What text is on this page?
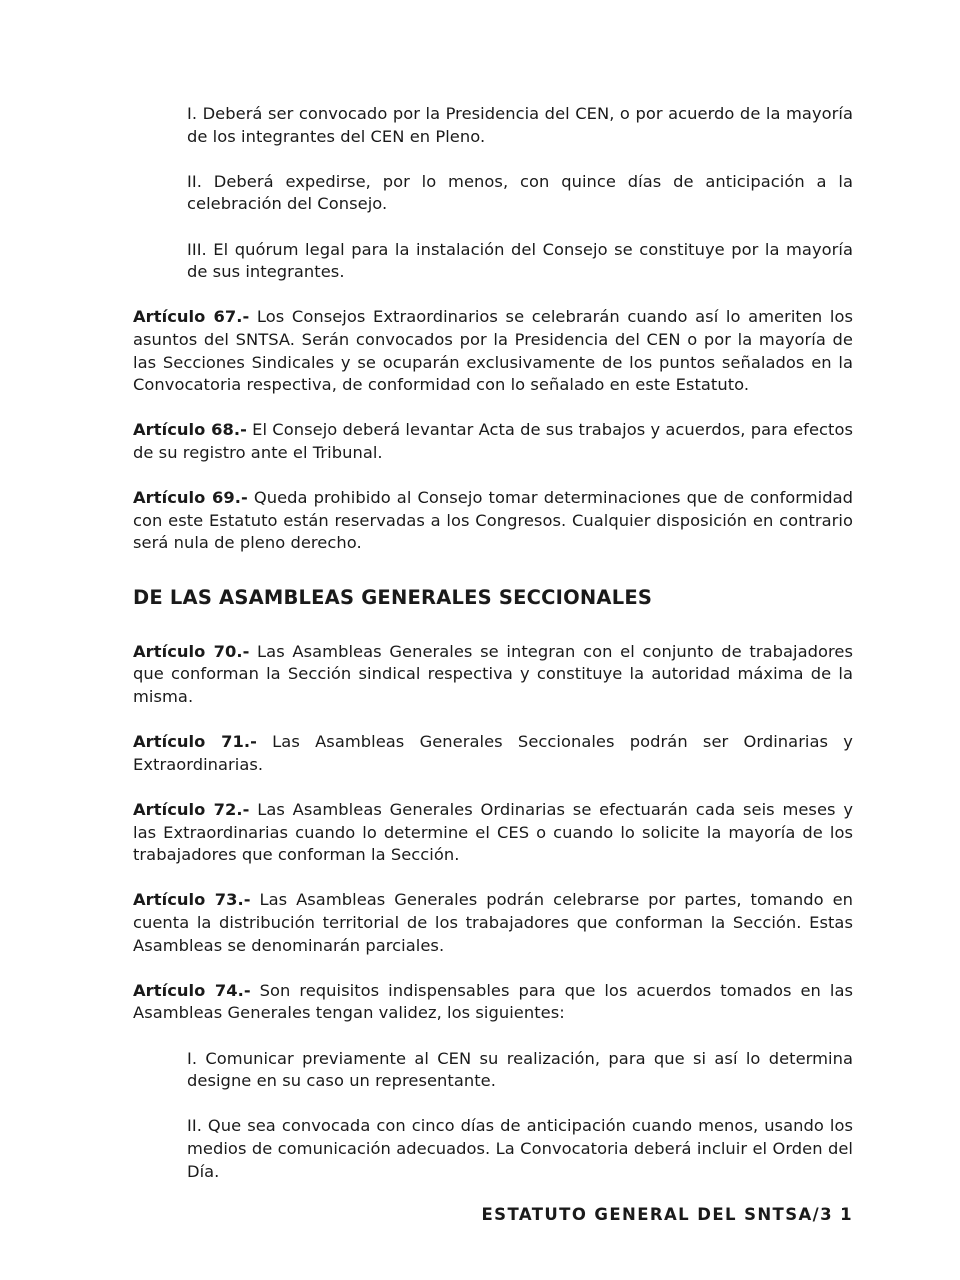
I. Deberá ser convocado por la Presidencia del CEN, o por acuerdo de la mayoría de los integrantes del CEN en Pleno.

II. Deberá expedirse, por lo menos, con quince días de anticipación a la celebración del Consejo.

III. El quórum legal para la instalación del Consejo se constituye por la mayoría de sus integrantes.

Artículo 67.- Los Consejos Extraordinarios se celebrarán cuando así lo ameriten los asuntos del SNTSA. Serán convocados por la Presidencia del CEN o por la mayoría de las Secciones Sindicales y se ocuparán exclusivamente de los puntos señalados en la Convocatoria respectiva, de conformidad con lo señalado en este Estatuto.

Artículo 68.- El Consejo deberá levantar Acta de sus trabajos y acuerdos, para efectos de su registro ante el Tribunal.

Artículo 69.- Queda prohibido al Consejo tomar determinaciones que de conformidad con este Estatuto están reservadas a los Congresos. Cualquier disposición en contrario será nula de pleno derecho.

DE LAS ASAMBLEAS GENERALES SECCIONALES

Artículo 70.- Las Asambleas Generales se integran con el conjunto de trabajadores que conforman la Sección sindical respectiva y constituye la autoridad máxima de la misma.

Artículo 71.- Las Asambleas Generales Seccionales podrán ser Ordinarias y Extraordinarias.

Artículo 72.- Las Asambleas Generales Ordinarias se efectuarán cada seis meses y las Extraordinarias cuando lo determine el CES o cuando lo solicite la mayoría de los trabajadores que conforman la Sección.

Artículo 73.- Las Asambleas Generales podrán celebrarse por partes, tomando en cuenta la distribución territorial de los trabajadores que conforman la Sección. Estas Asambleas se denominarán parciales.

Artículo 74.- Son requisitos indispensables para que los acuerdos tomados en las Asambleas Generales tengan validez, los siguientes:

I. Comunicar previamente al CEN su realización, para que si así lo determina designe en su caso un representante.

II. Que sea convocada con cinco días de anticipación cuando menos, usando los medios de comunicación adecuados. La Convocatoria deberá incluir el Orden del Día.

ESTATUTO GENERAL DEL SNTSA/3 1
